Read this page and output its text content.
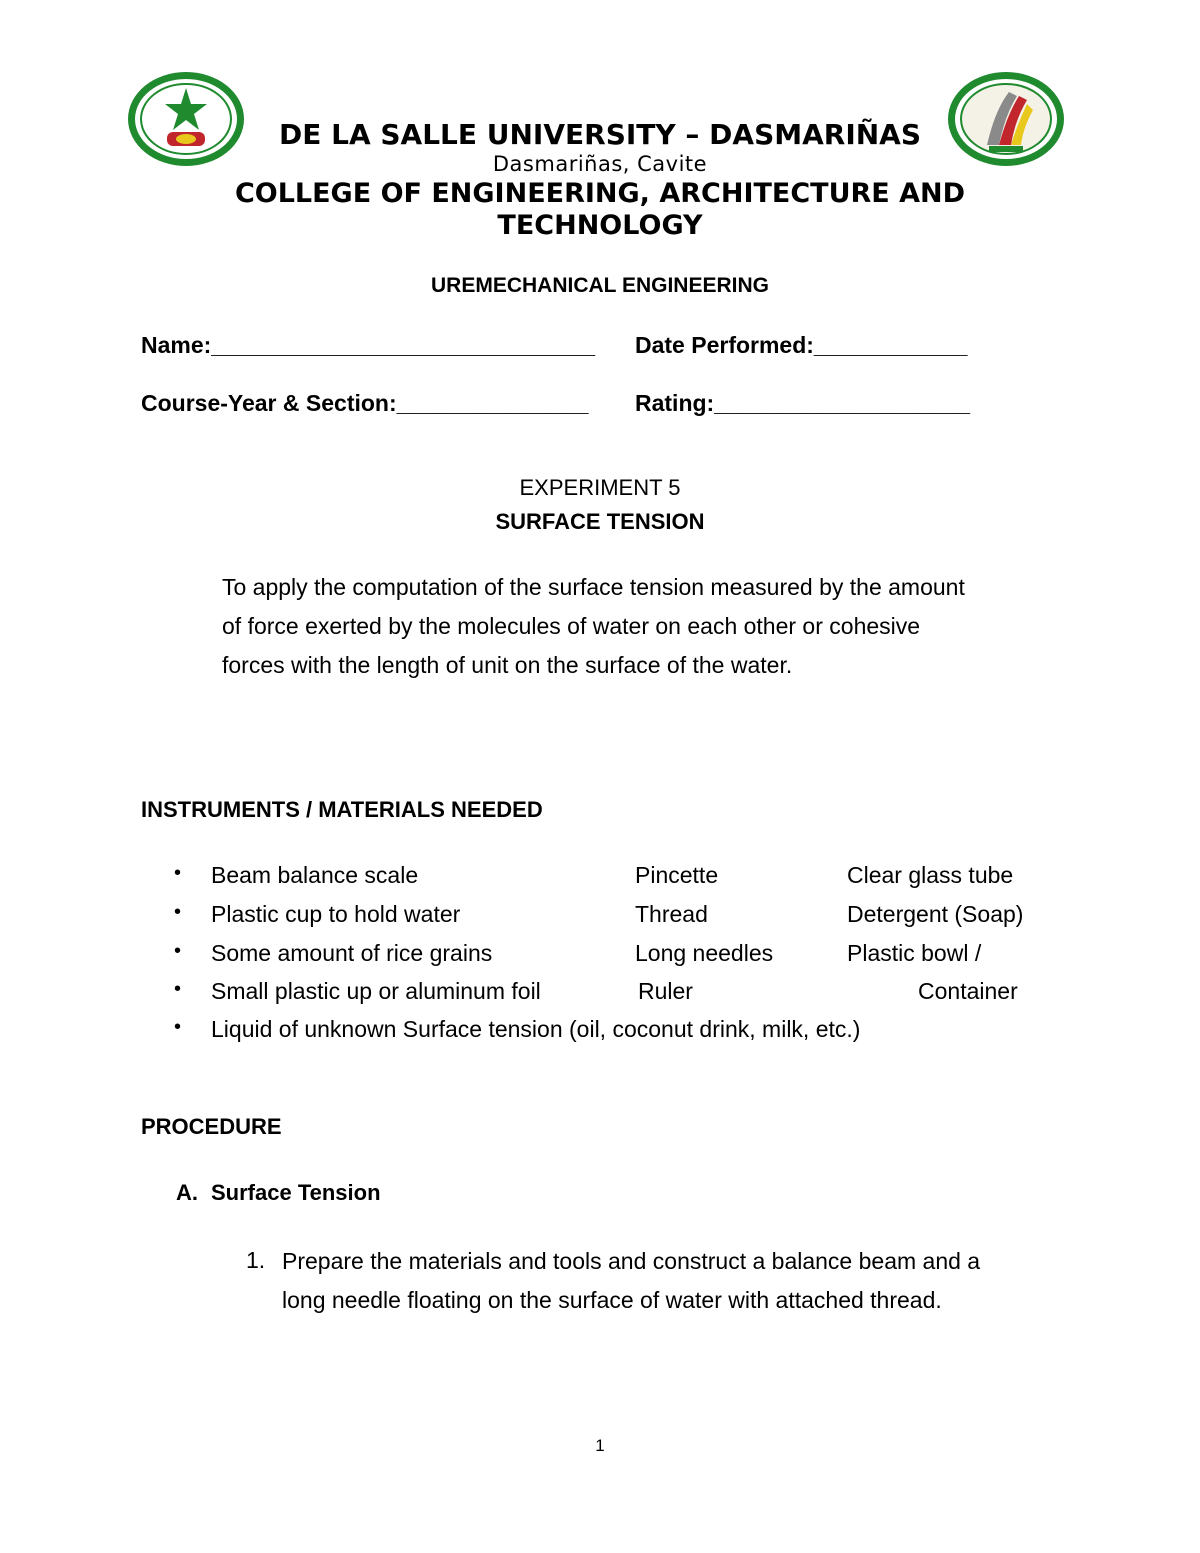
DE LA SALLE UNIVERSITY – DASMARIÑAS
Dasmariñas, Cavite
COLLEGE OF ENGINEERING, ARCHITECTURE AND
TECHNOLOGY
UREMECHANICAL ENGINEERING
Name:______________________________ Date Performed:____________
Course-Year & Section:_______________ Rating:____________________
EXPERIMENT 5
SURFACE TENSION
To apply the computation of the surface tension measured by the amount
of force exerted by the molecules of water on each other or cohesive
forces with the length of unit on the surface of the water.
INSTRUMENTS / MATERIALS NEEDED
• Beam balance scale	Pincette	Clear glass tube
• Plastic cup to hold water	Thread	Detergent (Soap)
• Some amount of rice grains	Long needles	Plastic bowl /
• Small plastic up or aluminum foil	Ruler	Container
• Liquid of unknown Surface tension (oil, coconut drink, milk, etc.)
PROCEDURE
A. Surface Tension
1. Prepare the materials and tools and construct a balance beam and a
long needle floating on the surface of water with attached thread.
1
